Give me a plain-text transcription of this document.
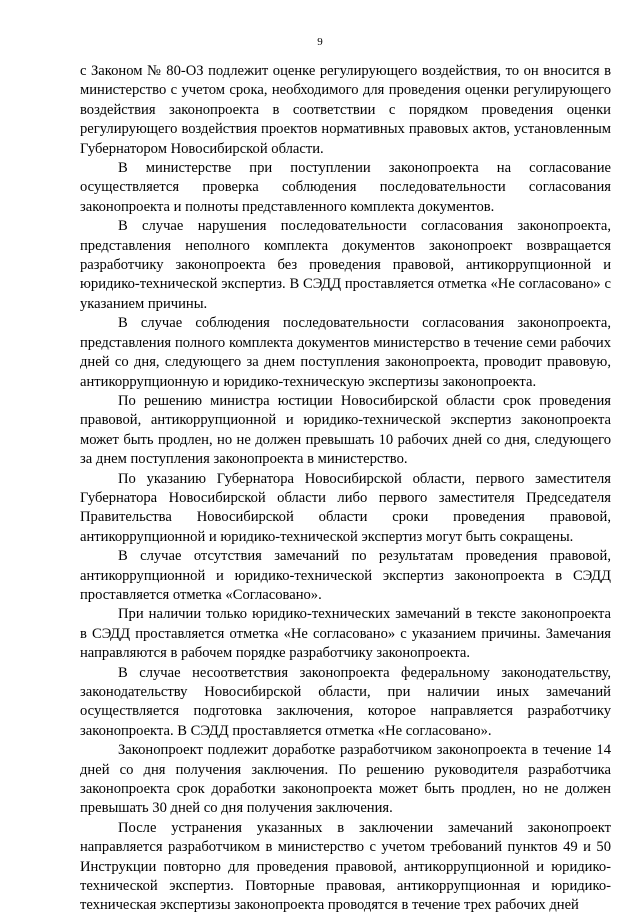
9

с Законом № 80-ОЗ подлежит оценке регулирующего воздействия, то он вносится в министерство с учетом срока, необходимого для проведения оценки регулирующего воздействия законопроекта в соответствии с порядком проведения оценки регулирующего воздействия проектов нормативных правовых актов, установленным Губернатором Новосибирской области.

В министерстве при поступлении законопроекта на согласование осуществляется проверка соблюдения последовательности согласования законопроекта и полноты представленного комплекта документов.

В случае нарушения последовательности согласования законопроекта, представления неполного комплекта документов законопроект возвращается разработчику законопроекта без проведения правовой, антикоррупционной и юридико-технической экспертиз. В СЭДД проставляется отметка «Не согласовано» с указанием причины.

В случае соблюдения последовательности согласования законопроекта, представления полного комплекта документов министерство в течение семи рабочих дней со дня, следующего за днем поступления законопроекта, проводит правовую, антикоррупционную и юридико-техническую экспертизы законопроекта.

По решению министра юстиции Новосибирской области срок проведения правовой, антикоррупционной и юридико-технической экспертиз законопроекта может быть продлен, но не должен превышать 10 рабочих дней со дня, следующего за днем поступления законопроекта в министерство.

По указанию Губернатора Новосибирской области, первого заместителя Губернатора Новосибирской области либо первого заместителя Председателя Правительства Новосибирской области сроки проведения правовой, антикоррупционной и юридико-технической экспертиз могут быть сокращены.

В случае отсутствия замечаний по результатам проведения правовой, антикоррупционной и юридико-технической экспертиз законопроекта в СЭДД проставляется отметка «Согласовано».

При наличии только юридико-технических замечаний в тексте законопроекта в СЭДД проставляется отметка «Не согласовано» с указанием причины. Замечания направляются в рабочем порядке разработчику законопроекта.

В случае несоответствия законопроекта федеральному законодательству, законодательству Новосибирской области, при наличии иных замечаний осуществляется подготовка заключения, которое направляется разработчику законопроекта. В СЭДД проставляется отметка «Не согласовано».

Законопроект подлежит доработке разработчиком законопроекта в течение 14 дней со дня получения заключения. По решению руководителя разработчика законопроекта срок доработки законопроекта может быть продлен, но не должен превышать 30 дней со дня получения заключения.

После устранения указанных в заключении замечаний законопроект направляется разработчиком в министерство с учетом требований пунктов 49 и 50 Инструкции повторно для проведения правовой, антикоррупционной и юридико-технической экспертиз. Повторные правовая, антикоррупционная и юридико-техническая экспертизы законопроекта проводятся в течение трех рабочих дней
